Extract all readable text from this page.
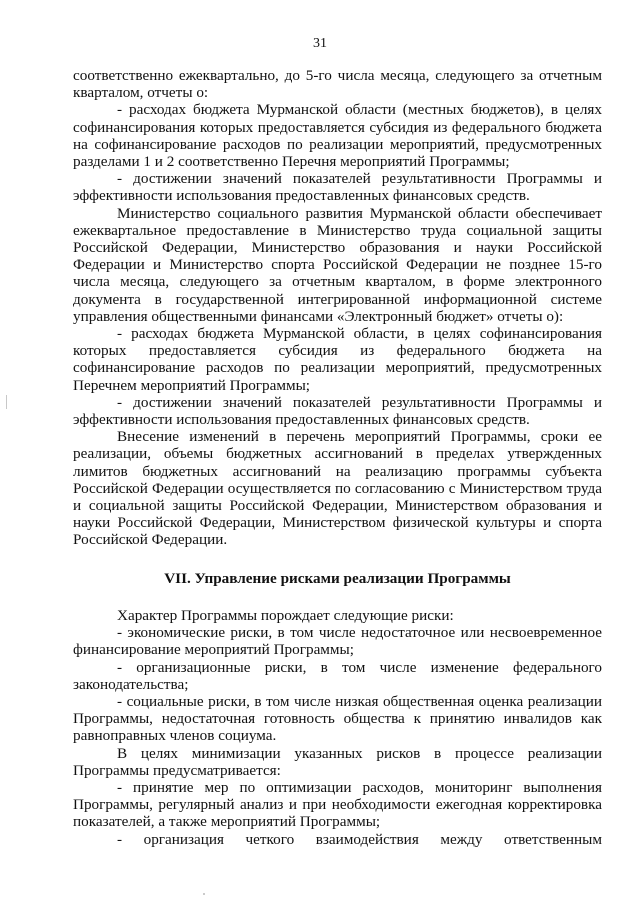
31

соответственно ежеквартально, до 5-го числа месяца, следующего за отчетным кварталом, отчеты о:

- расходах бюджета Мурманской области (местных бюджетов), в целях софинансирования которых предоставляется субсидия из федерального бюджета на софинансирование расходов по реализации мероприятий, предусмотренных разделами 1 и 2 соответственно Перечня мероприятий Программы;

- достижении значений показателей результативности Программы и эффективности использования предоставленных финансовых средств.

Министерство социального развития Мурманской области обеспечивает ежеквартальное предоставление в Министерство труда социальной защиты Российской Федерации, Министерство образования и науки Российской Федерации и Министерство спорта Российской Федерации не позднее 15-го числа месяца, следующего за отчетным кварталом, в форме электронного документа в государственной интегрированной информационной системе управления общественными финансами «Электронный бюджет» отчеты о):

- расходах бюджета Мурманской области, в целях софинансирования которых предоставляется субсидия из федерального бюджета на софинансирование расходов по реализации мероприятий, предусмотренных Перечнем мероприятий Программы;

- достижении значений показателей результативности Программы и эффективности использования предоставленных финансовых средств.

Внесение изменений в перечень мероприятий Программы, сроки ее реализации, объемы бюджетных ассигнований в пределах утвержденных лимитов бюджетных ассигнований на реализацию программы субъекта Российской Федерации осуществляется по согласованию с Министерством труда и социальной защиты Российской Федерации, Министерством образования и науки Российской Федерации, Министерством физической культуры и спорта Российской Федерации.

VII. Управление рисками реализации Программы

Характер Программы порождает следующие риски:

- экономические риски, в том числе недостаточное или несвоевременное финансирование мероприятий Программы;

- организационные риски, в том числе изменение федерального законодательства;

- социальные риски, в том числе низкая общественная оценка реализации Программы, недостаточная готовность общества к принятию инвалидов как равноправных членов социума.

В целях минимизации указанных рисков в процессе реализации Программы предусматривается:

- принятие мер по оптимизации расходов, мониторинг выполнения Программы, регулярный анализ и при необходимости ежегодная корректировка показателей, а также мероприятий Программы;

- организация четкого взаимодействия между ответственным
